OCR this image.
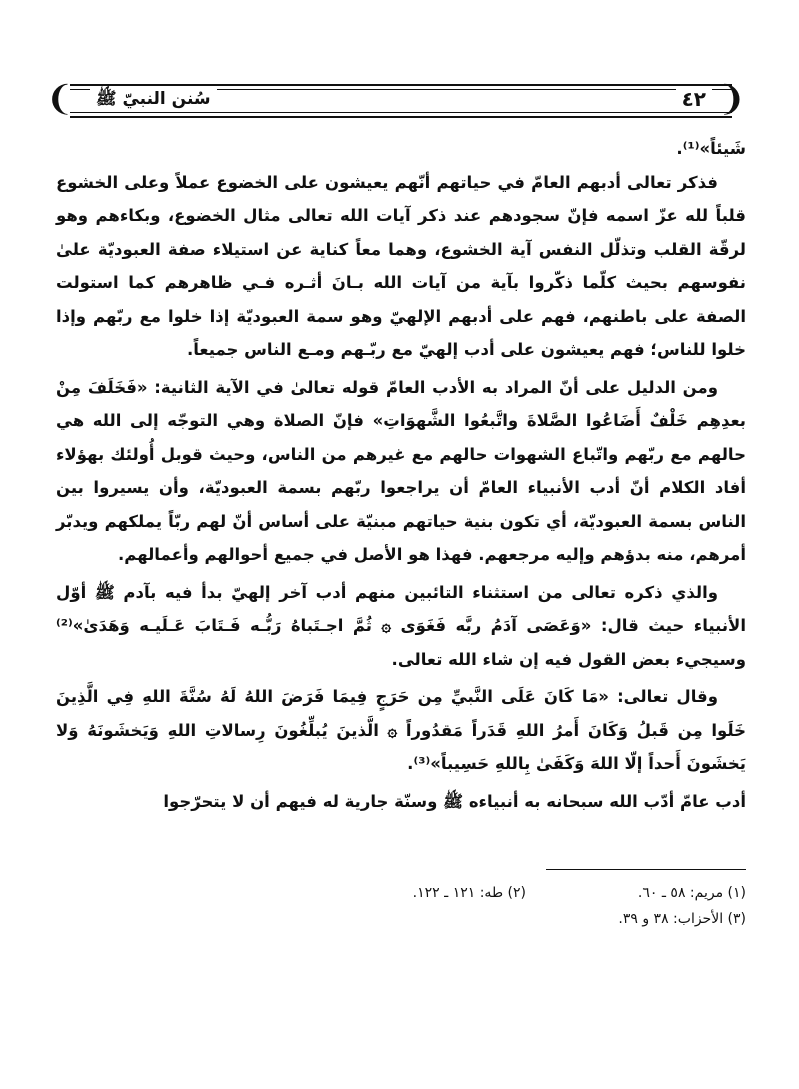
❨
❩	٤٢
سُنن النبيّ ﷺ

شَيئاً»⁽¹⁾.

فذكر تعالى أدبهم العامّ في حياتهم أنّهم يعيشون على الخضوع عملاً وعلى الخشوع قلباً لله عزّ اسمه فإنّ سجودهم عند ذكر آيات الله تعالى مثال الخضوع، وبكاءهم وهو لرقّة القلب وتذلّل النفس آية الخشوع، وهما معاً كناية عن استيلاء صفة العبوديّة علىٰ نفوسهم بحيث كلّما ذكّروا بآية من آيات الله بـانَ أثـره فـي ظاهرهم كما استولت الصفة على باطنهم، فهم على أدبهم الإلهيّ وهو سمة العبوديّة إذا خلوا مع ربّهم وإذا خلوا للناس؛ فهم يعيشون على أدب إلهيّ مع ربّـهم ومـع الناس جميعاً.

ومن الدليل على أنّ المراد به الأدب العامّ قوله تعالىٰ في الآية الثانية: «فَخَلَفَ مِنْ بعدِهِم خَلْفٌ أَضَاعُوا الصَّلاةَ واتَّبعُوا الشَّهوَاتِ» فإنّ الصلاة وهي التوجّه إلى الله هي حالهم مع ربّهم واتّباع الشهوات حالهم مع غيرهم من الناس، وحيث قوبل أُولئك بهؤلاء أفاد الكلام أنّ أدب الأنبياء العامّ أن يراجعوا ربّهم بسمة العبوديّة، وأن يسيروا بين الناس بسمة العبوديّة، أي تكون بنية حياتهم مبنيّة على أساس أنّ لهم ربّاً يملكهم ويدبّر أمرهم، منه بدؤهم وإليه مرجعهم. فهذا هو الأصل في جميع أحوالهم وأعمالهم.

والذي ذكره تعالى من استثناء التائبين منهم أدب آخر إلهيّ بدأ فيه بآدم ﷺ أوّل الأنبياء حيث قال: «وَعَصَى آدَمُ ربَّه فَغَوَى ۞ ثُمَّ اجـتَباهُ رَبُّـه فَـتَابَ عَـلَيـه وَهَدَىٰ»⁽²⁾ وسيجيء بعض القول فيه إن شاء الله تعالى.

وقال تعالى: «مَا كَانَ عَلَى النَّبيِّ مِن حَرَجٍ فِيمَا فَرَضَ اللهُ لَهُ سُنَّةَ اللهِ فِي الَّذِينَ خَلَوا مِن قَبلُ وَكَانَ أَمرُ اللهِ قَدَراً مَقدُوراً ۞ الَّذينَ يُبلِّغُونَ رِسالاتِ اللهِ وَيَخشَونَهُ وَلا يَخشَونَ أَحداً إلّا اللهَ وَكَفَىٰ بِاللهِ حَسِيباً»⁽³⁾.

أدب عامّ أدّب الله سبحانه به أنبياءه ﷺ وسنّة جارية له فيهم أن لا يتحرّجوا

(١) مريم: ٥٨ ـ ٦٠.(٢) طه: ١٢١ ـ ١٢٢.
(٣) الأحزاب: ٣٨ و ٣٩.
